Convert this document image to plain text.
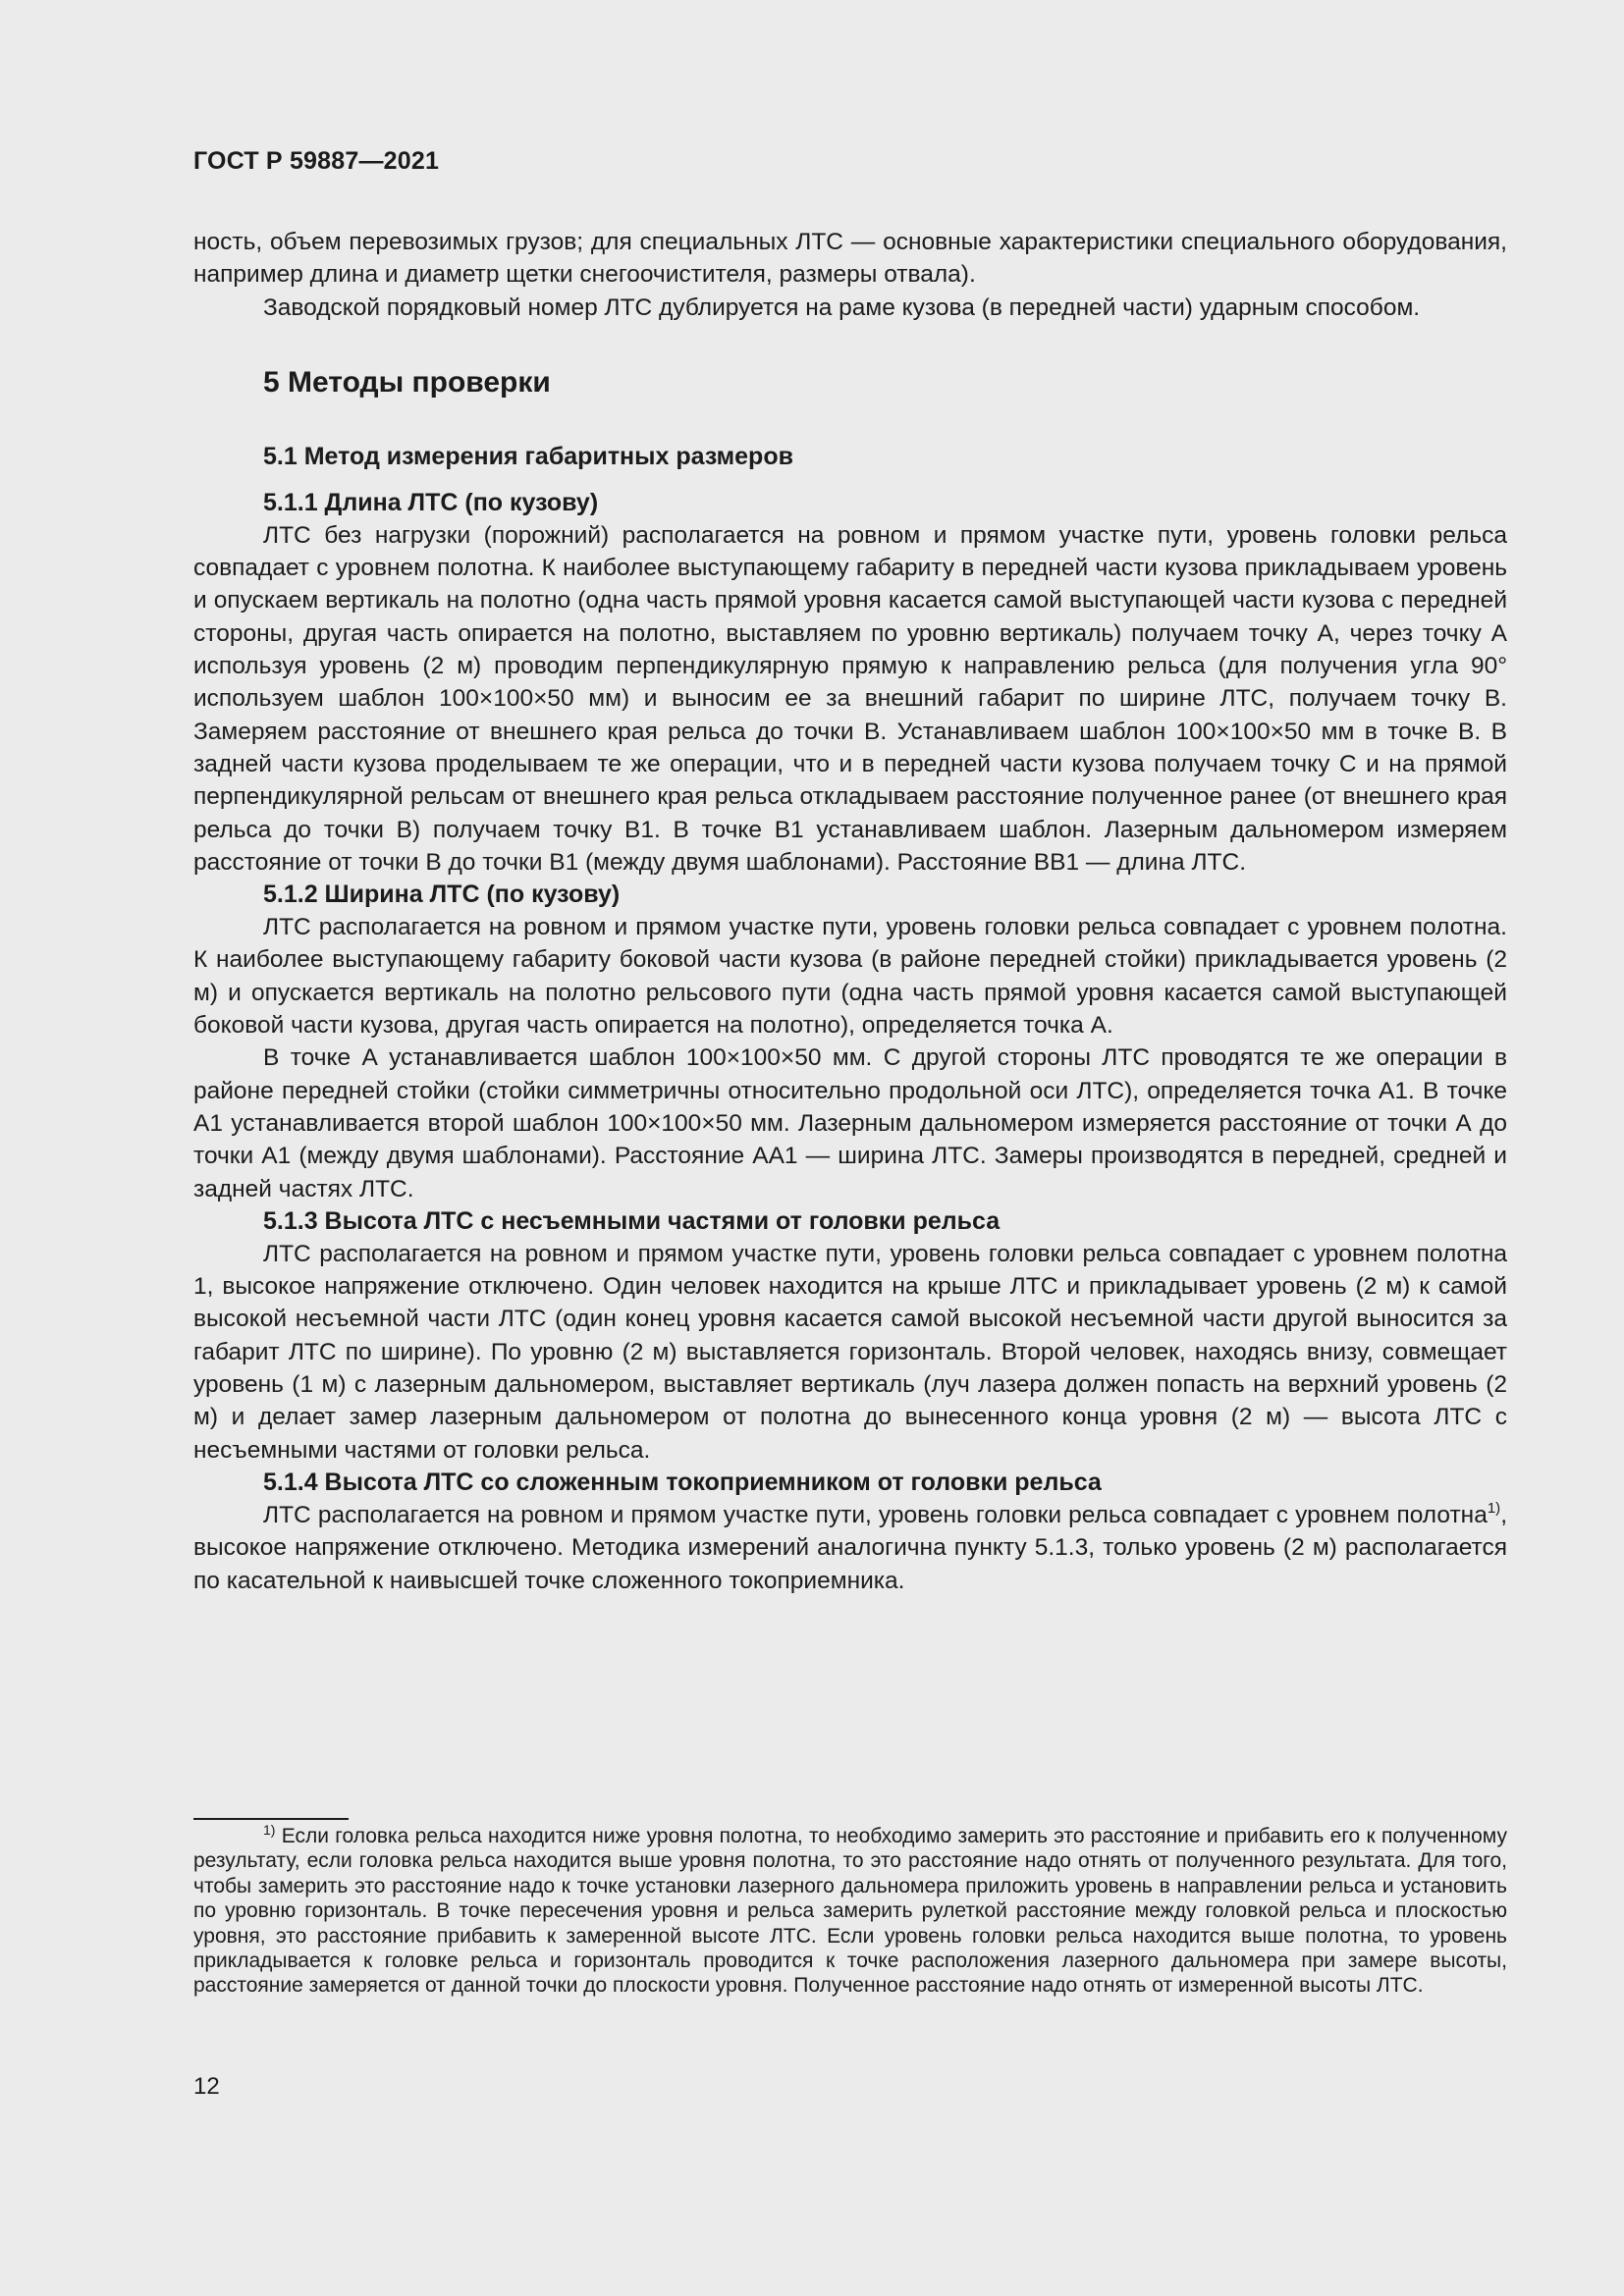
ГОСТ Р 59887—2021

ность, объем перевозимых грузов; для специальных ЛТС — основные характеристики специального оборудования, например длина и диаметр щетки снегоочистителя, размеры отвала).

Заводской порядковый номер ЛТС дублируется на раме кузова (в передней части) ударным способом.

5 Методы проверки
5.1 Метод измерения габаритных размеров
5.1.1 Длина ЛТС (по кузову)

ЛТС без нагрузки (порожний) располагается на ровном и прямом участке пути, уровень головки рельса совпадает с уровнем полотна. К наиболее выступающему габариту в передней части кузова прикладываем уровень и опускаем вертикаль на полотно (одна часть прямой уровня касается самой выступающей части кузова с передней стороны, другая часть опирается на полотно, выставляем по уровню вертикаль) получаем точку А, через точку А используя уровень (2 м) проводим перпендикулярную прямую к направлению рельса (для получения угла 90° используем шаблон 100×100×50 мм) и выносим ее за внешний габарит по ширине ЛТС, получаем точку В. Замеряем расстояние от внешнего края рельса до точки В. Устанавливаем шаблон 100×100×50 мм в точке В. В задней части кузова проделываем те же операции, что и в передней части кузова получаем точку С и на прямой перпендикулярной рельсам от внешнего края рельса откладываем расстояние полученное ранее (от внешнего края рельса до точки В) получаем точку В1. В точке В1 устанавливаем шаблон. Лазерным дальномером измеряем расстояние от точки В до точки В1 (между двумя шаблонами). Расстояние ВВ1 — длина ЛТС.

5.1.2 Ширина ЛТС (по кузову)

ЛТС располагается на ровном и прямом участке пути, уровень головки рельса совпадает с уровнем полотна. К наиболее выступающему габариту боковой части кузова (в районе передней стойки) прикладывается уровень (2 м) и опускается вертикаль на полотно рельсового пути (одна часть прямой уровня касается самой выступающей боковой части кузова, другая часть опирается на полотно), определяется точка А.

В точке А устанавливается шаблон 100×100×50 мм. С другой стороны ЛТС проводятся те же операции в районе передней стойки (стойки симметричны относительно продольной оси ЛТС), определяется точка А1. В точке А1 устанавливается второй шаблон 100×100×50 мм. Лазерным дальномером измеряется расстояние от точки А до точки А1 (между двумя шаблонами). Расстояние АА1 — ширина ЛТС. Замеры производятся в передней, средней и задней частях ЛТС.

5.1.3 Высота ЛТС с несъемными частями от головки рельса

ЛТС располагается на ровном и прямом участке пути, уровень головки рельса совпадает с уровнем полотна 1, высокое напряжение отключено. Один человек находится на крыше ЛТС и прикладывает уровень (2 м) к самой высокой несъемной части ЛТС (один конец уровня касается самой высокой несъемной части другой выносится за габарит ЛТС по ширине). По уровню (2 м) выставляется горизонталь. Второй человек, находясь внизу, совмещает уровень (1 м) с лазерным дальномером, выставляет вертикаль (луч лазера должен попасть на верхний уровень (2 м) и делает замер лазерным дальномером от полотна до вынесенного конца уровня (2 м) — высота ЛТС с несъемными частями от головки рельса.

5.1.4 Высота ЛТС со сложенным токоприемником от головки рельса

ЛТС располагается на ровном и прямом участке пути, уровень головки рельса совпадает с уровнем полотна$^{1)}$, высокое напряжение отключено. Методика измерений аналогична пункту 5.1.3, только уровень (2 м) располагается по касательной к наивысшей точке сложенного токоприемника.

$^{1)}$ Если головка рельса находится ниже уровня полотна, то необходимо замерить это расстояние и прибавить его к полученному результату, если головка рельса находится выше уровня полотна, то это расстояние надо отнять от полученного результата. Для того, чтобы замерить это расстояние надо к точке установки лазерного дальномера приложить уровень в направлении рельса и установить по уровню горизонталь. В точке пересечения уровня и рельса замерить рулеткой расстояние между головкой рельса и плоскостью уровня, это расстояние прибавить к замеренной высоте ЛТС. Если уровень головки рельса находится выше полотна, то уровень прикладывается к головке рельса и горизонталь проводится к точке расположения лазерного дальномера при замере высоты, расстояние замеряется от данной точки до плоскости уровня. Полученное расстояние надо отнять от измеренной высоты ЛТС.

12
